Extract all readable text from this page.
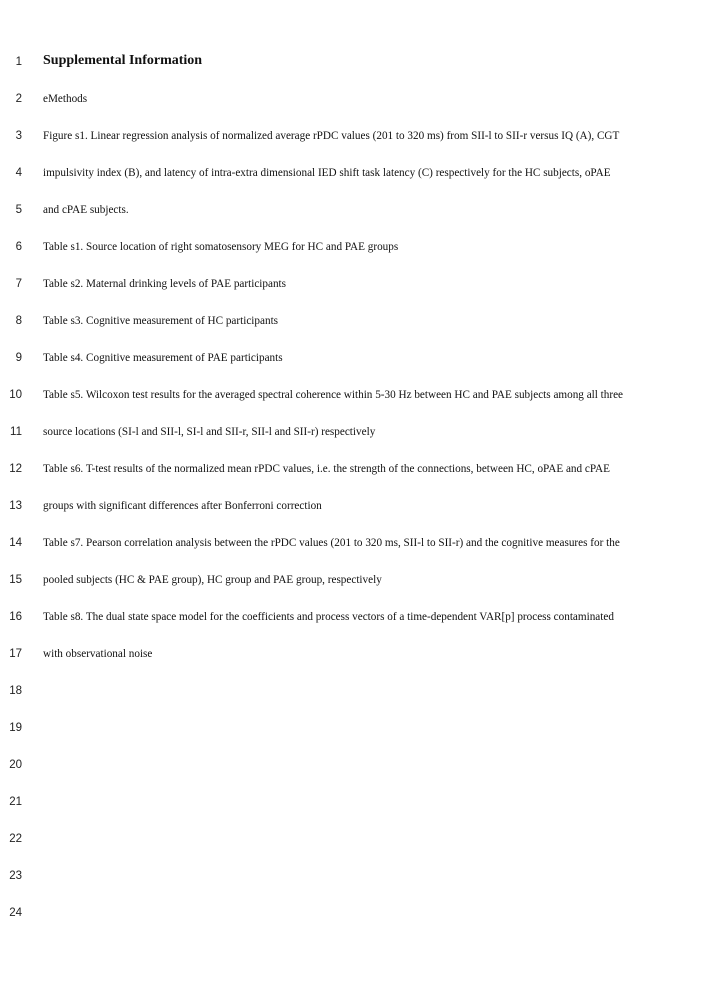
1 Supplemental Information
2 eMethods
3 Figure s1. Linear regression analysis of normalized average rPDC values (201 to 320 ms) from SII-l to SII-r versus IQ (A), CGT
4 impulsivity index (B), and latency of intra-extra dimensional IED shift task latency (C) respectively for the HC subjects, oPAE
5 and cPAE subjects.
6 Table s1. Source location of right somatosensory MEG for HC and PAE groups
7 Table s2. Maternal drinking levels of PAE participants
8 Table s3. Cognitive measurement of HC participants
9 Table s4. Cognitive measurement of PAE participants
10 Table s5. Wilcoxon test results for the averaged spectral coherence within 5-30 Hz between HC and PAE subjects among all three
11 source locations (SI-l and SII-l, SI-l and SII-r, SII-l and SII-r) respectively
12 Table s6. T-test results of the normalized mean rPDC values, i.e. the strength of the connections, between HC, oPAE and cPAE
13 groups with significant differences after Bonferroni correction
14 Table s7. Pearson correlation analysis between the rPDC values (201 to 320 ms, SII-l to SII-r) and the cognitive measures for the
15 pooled subjects (HC & PAE group), HC group and PAE group, respectively
16 Table s8. The dual state space model for the coefficients and process vectors of a time-dependent VAR[p] process contaminated
17 with observational noise
18
19
20
21
22
23
24
